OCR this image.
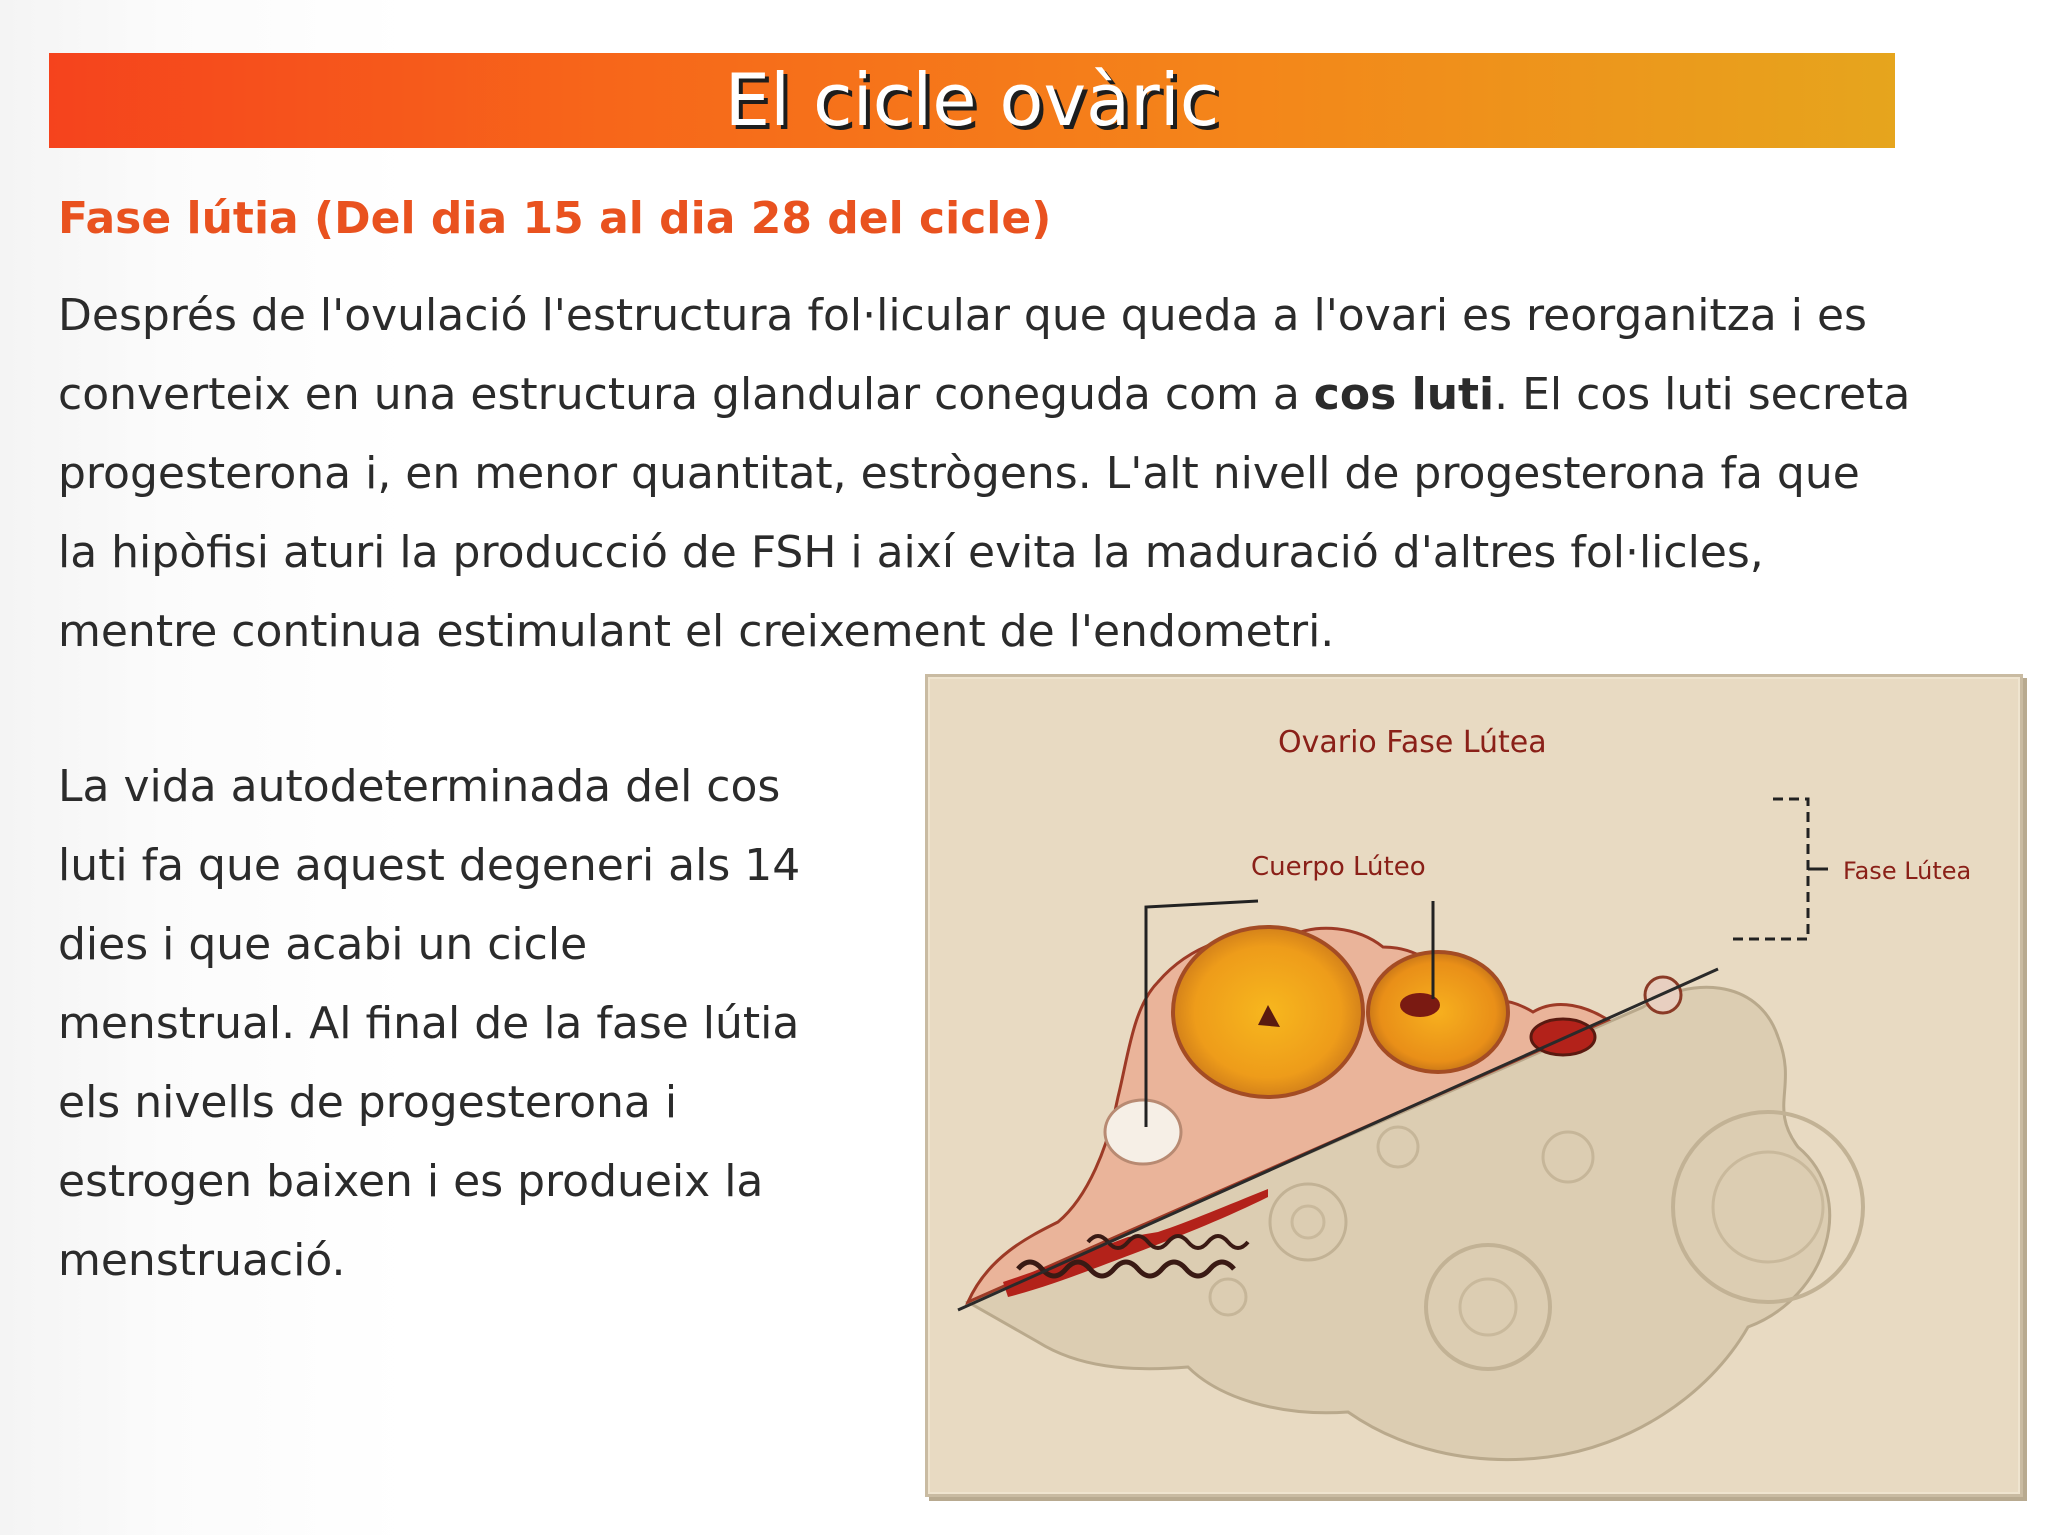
El cicle ovàric
Fase lútia (Del dia 15 al dia 28 del cicle)

Després de l'ovulació l'estructura fol·licular que queda a l'ovari es reorganitza i es
converteix en una estructura glandular coneguda com a cos luti. El cos luti secreta
progesterona i, en menor quantitat, estrògens. L'alt nivell de progesterona fa que
la hipòfisi aturi la producció de FSH i així evita la maduració d'altres fol·licles,
mentre continua estimulant el creixement de l'endometri.

La vida autodeterminada del cos
luti fa que aquest degeneri als 14
dies i que acabi un cicle
menstrual. Al final de la fase lútia
els nivells de progesterona i
estrogen baixen i es produeix la
menstruació.

Ovario Fase Lútea
Cuerpo Lúteo	Fase Lútea
